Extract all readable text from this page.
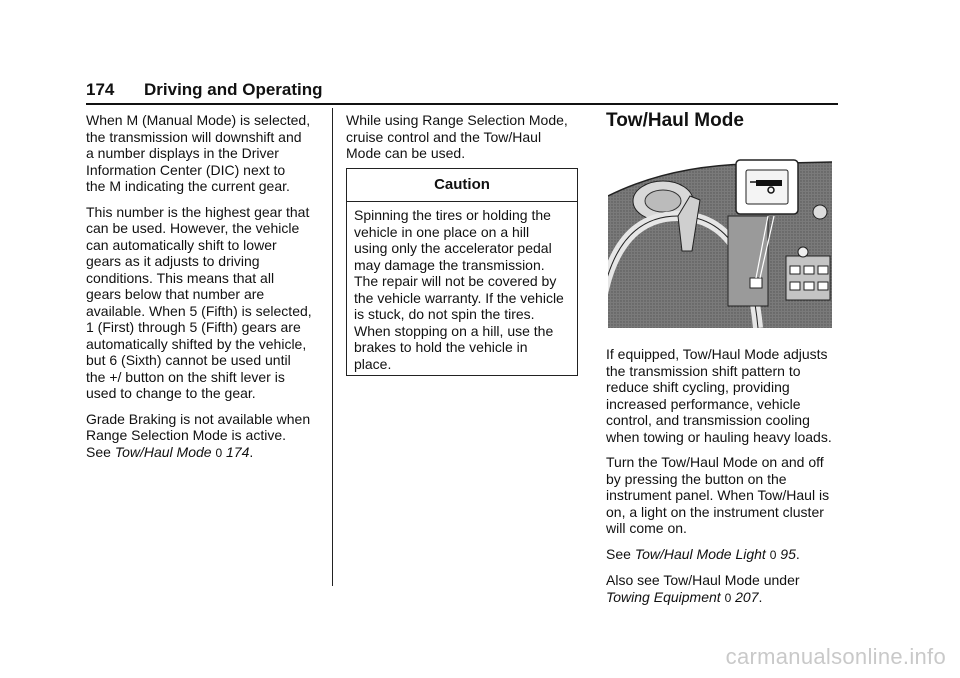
174 Driving and Operating

When M (Manual Mode) is selected,
the transmission will downshift and
a number displays in the Driver
Information Center (DIC) next to
the M indicating the current gear.

This number is the highest gear that
can be used. However, the vehicle
can automatically shift to lower
gears as it adjusts to driving
conditions. This means that all
gears below that number are
available. When 5 (Fifth) is selected,
1 (First) through 5 (Fifth) gears are
automatically shifted by the vehicle,
but 6 (Sixth) cannot be used until
the +/ button on the shift lever is
used to change to the gear.

Grade Braking is not available when
Range Selection Mode is active.
See Tow/Haul Mode 0 174.

While using Range Selection Mode,
cruise control and the Tow/Haul
Mode can be used.

Caution
Spinning the tires or holding the
vehicle in one place on a hill
using only the accelerator pedal
may damage the transmission.
The repair will not be covered by
the vehicle warranty. If the vehicle
is stuck, do not spin the tires.
When stopping on a hill, use the
brakes to hold the vehicle in
place.
Tow/Haul Mode

If equipped, Tow/Haul Mode adjusts
the transmission shift pattern to
reduce shift cycling, providing
increased performance, vehicle
control, and transmission cooling
when towing or hauling heavy loads.

Turn the Tow/Haul Mode on and off
by pressing the button on the
instrument panel. When Tow/Haul is
on, a light on the instrument cluster
will come on.

See Tow/Haul Mode Light 0 95.

Also see Tow/Haul Mode under
Towing Equipment 0 207.

carmanualsonline.info
